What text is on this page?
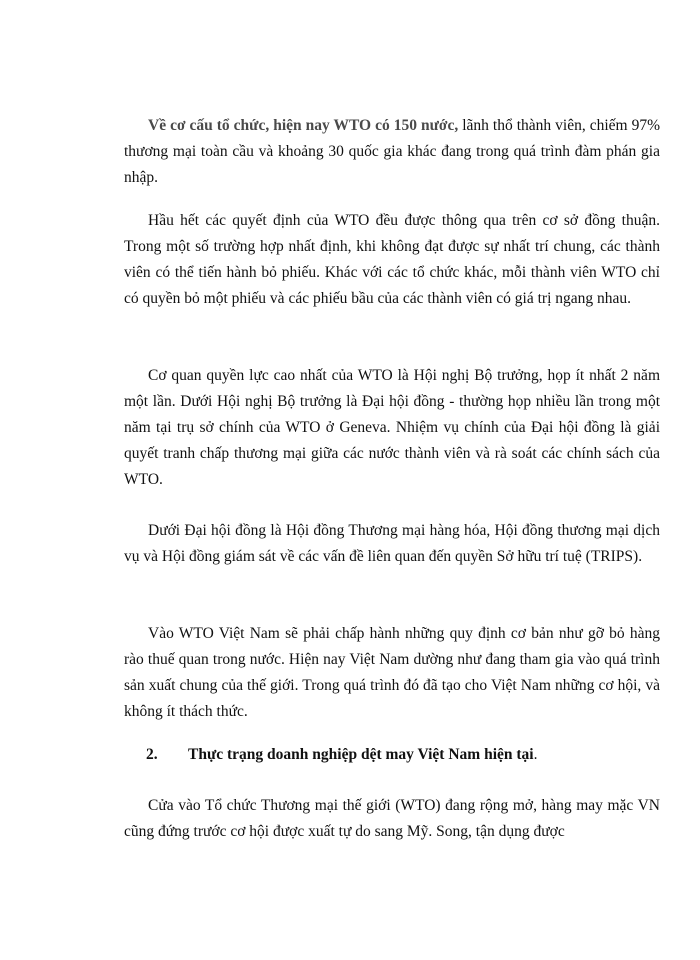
Về cơ cấu tổ chức, hiện nay WTO có 150 nước, lãnh thổ thành viên, chiếm 97% thương mại toàn cầu và khoảng 30 quốc gia khác đang trong quá trình đàm phán gia nhập.

Hầu hết các quyết định của WTO đều được thông qua trên cơ sở đồng thuận. Trong một số trường hợp nhất định, khi không đạt được sự nhất trí chung, các thành viên có thể tiến hành bỏ phiếu. Khác với các tổ chức khác, mỗi thành viên WTO chỉ có quyền bỏ một phiếu và các phiếu bầu của các thành viên có giá trị ngang nhau.

Cơ quan quyền lực cao nhất của WTO là Hội nghị Bộ trưởng, họp ít nhất 2 năm một lần. Dưới Hội nghị Bộ trưởng là Đại hội đồng - thường họp nhiều lần trong một năm tại trụ sở chính của WTO ở Geneva. Nhiệm vụ chính của Đại hội đồng là giải quyết tranh chấp thương mại giữa các nước thành viên và rà soát các chính sách của WTO.

Dưới Đại hội đồng là Hội đồng Thương mại hàng hóa, Hội đồng thương mại dịch vụ và Hội đồng giám sát về các vấn đề liên quan đến quyền Sở hữu trí tuệ (TRIPS).

Vào WTO Việt Nam sẽ phải chấp hành những quy định cơ bản như gỡ bỏ hàng rào thuế quan trong nước. Hiện nay Việt Nam dường như đang tham gia vào quá trình sản xuất chung của thế giới. Trong quá trình đó đã tạo cho Việt Nam những cơ hội, và không ít thách thức.

2. Thực trạng doanh nghiệp dệt may Việt Nam hiện tại.

Cửa vào Tổ chức Thương mại thế giới (WTO) đang rộng mở, hàng may mặc VN cũng đứng trước cơ hội được xuất tự do sang Mỹ. Song, tận dụng được
